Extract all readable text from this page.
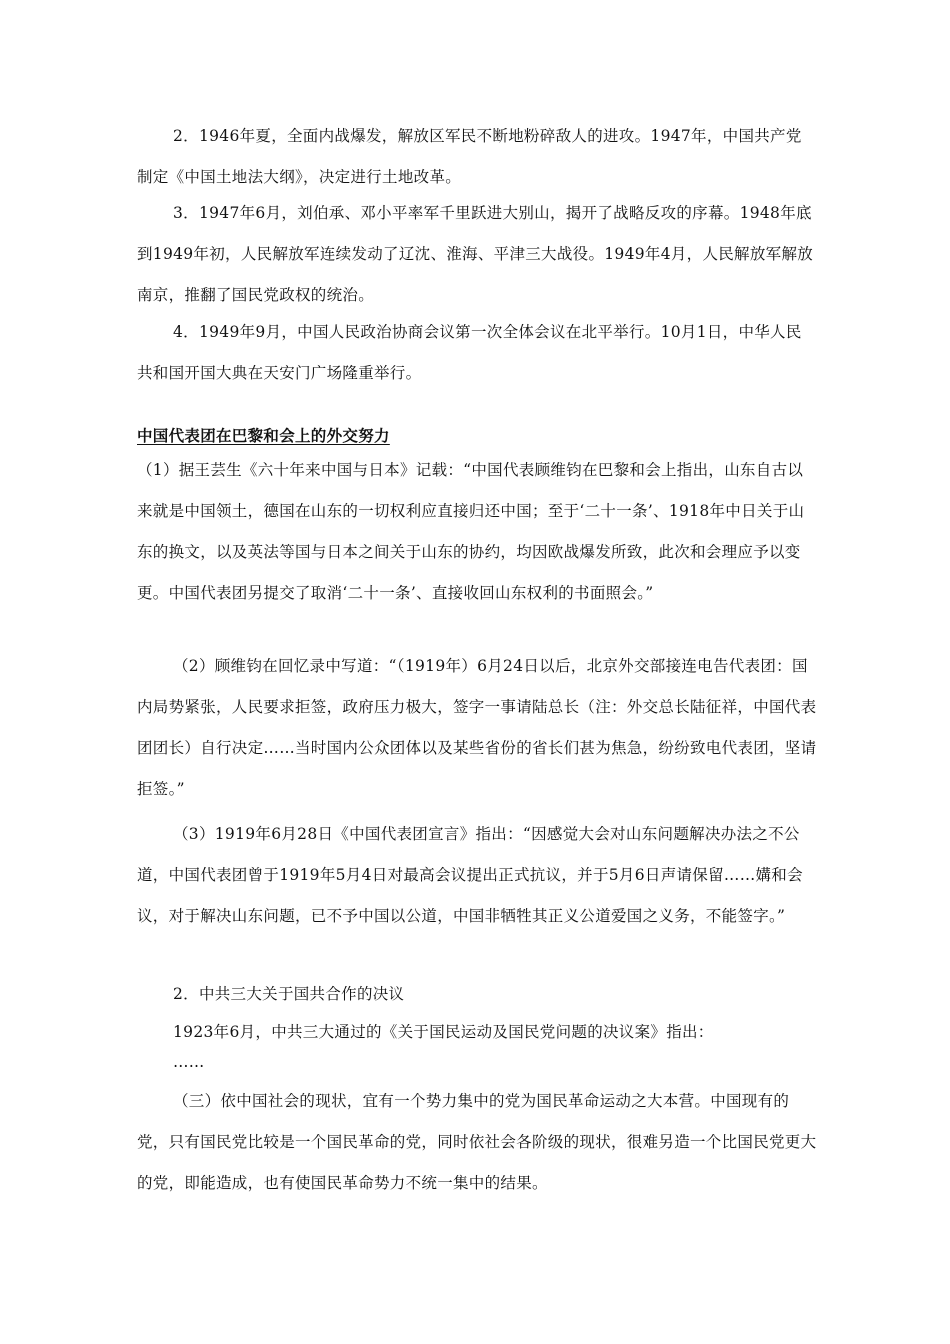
2．1946年夏，全面内战爆发，解放区军民不断地粉碎敌人的进攻。1947年，中国共产党制定《中国土地法大纲》，决定进行土地改革。

3．1947年6月，刘伯承、邓小平率军千里跃进大别山，揭开了战略反攻的序幕。1948年底到1949年初，人民解放军连续发动了辽沈、淮海、平津三大战役。1949年4月，人民解放军解放南京，推翻了国民党政权的统治。

4．1949年9月，中国人民政治协商会议第一次全体会议在北平举行。10月1日，中华人民共和国开国大典在天安门广场隆重举行。

中国代表团在巴黎和会上的外交努力

（1）据王芸生《六十年来中国与日本》记载：“中国代表顾维钧在巴黎和会上指出，山东自古以来就是中国领土，德国在山东的一切权利应直接归还中国；至于‘二十一条’、1918年中日关于山东的换文，以及英法等国与日本之间关于山东的协约，均因欧战爆发所致，此次和会理应予以变更。中国代表团另提交了取消‘二十一条’、直接收回山东权利的书面照会。”

（2）顾维钧在回忆录中写道：“（1919年）6月24日以后，北京外交部接连电告代表团：国内局势紧张，人民要求拒签，政府压力极大，签字一事请陆总长（注：外交总长陆征祥，中国代表团团长）自行决定……当时国内公众团体以及某些省份的省长们甚为焦急，纷纷致电代表团，坚请拒签。”

（3）1919年6月28日《中国代表团宣言》指出：“因感觉大会对山东问题解决办法之不公道，中国代表团曾于1919年5月4日对最高会议提出正式抗议，并于5月6日声请保留……媾和会议，对于解决山东问题，已不予中国以公道，中国非牺牲其正义公道爱国之义务，不能签字。”

2．中共三大关于国共合作的决议

1923年6月，中共三大通过的《关于国民运动及国民党问题的决议案》指出：

……

（三）依中国社会的现状，宜有一个势力集中的党为国民革命运动之大本营。中国现有的党，只有国民党比较是一个国民革命的党，同时依社会各阶级的现状，很难另造一个比国民党更大的党，即能造成，也有使国民革命势力不统一集中的结果。
